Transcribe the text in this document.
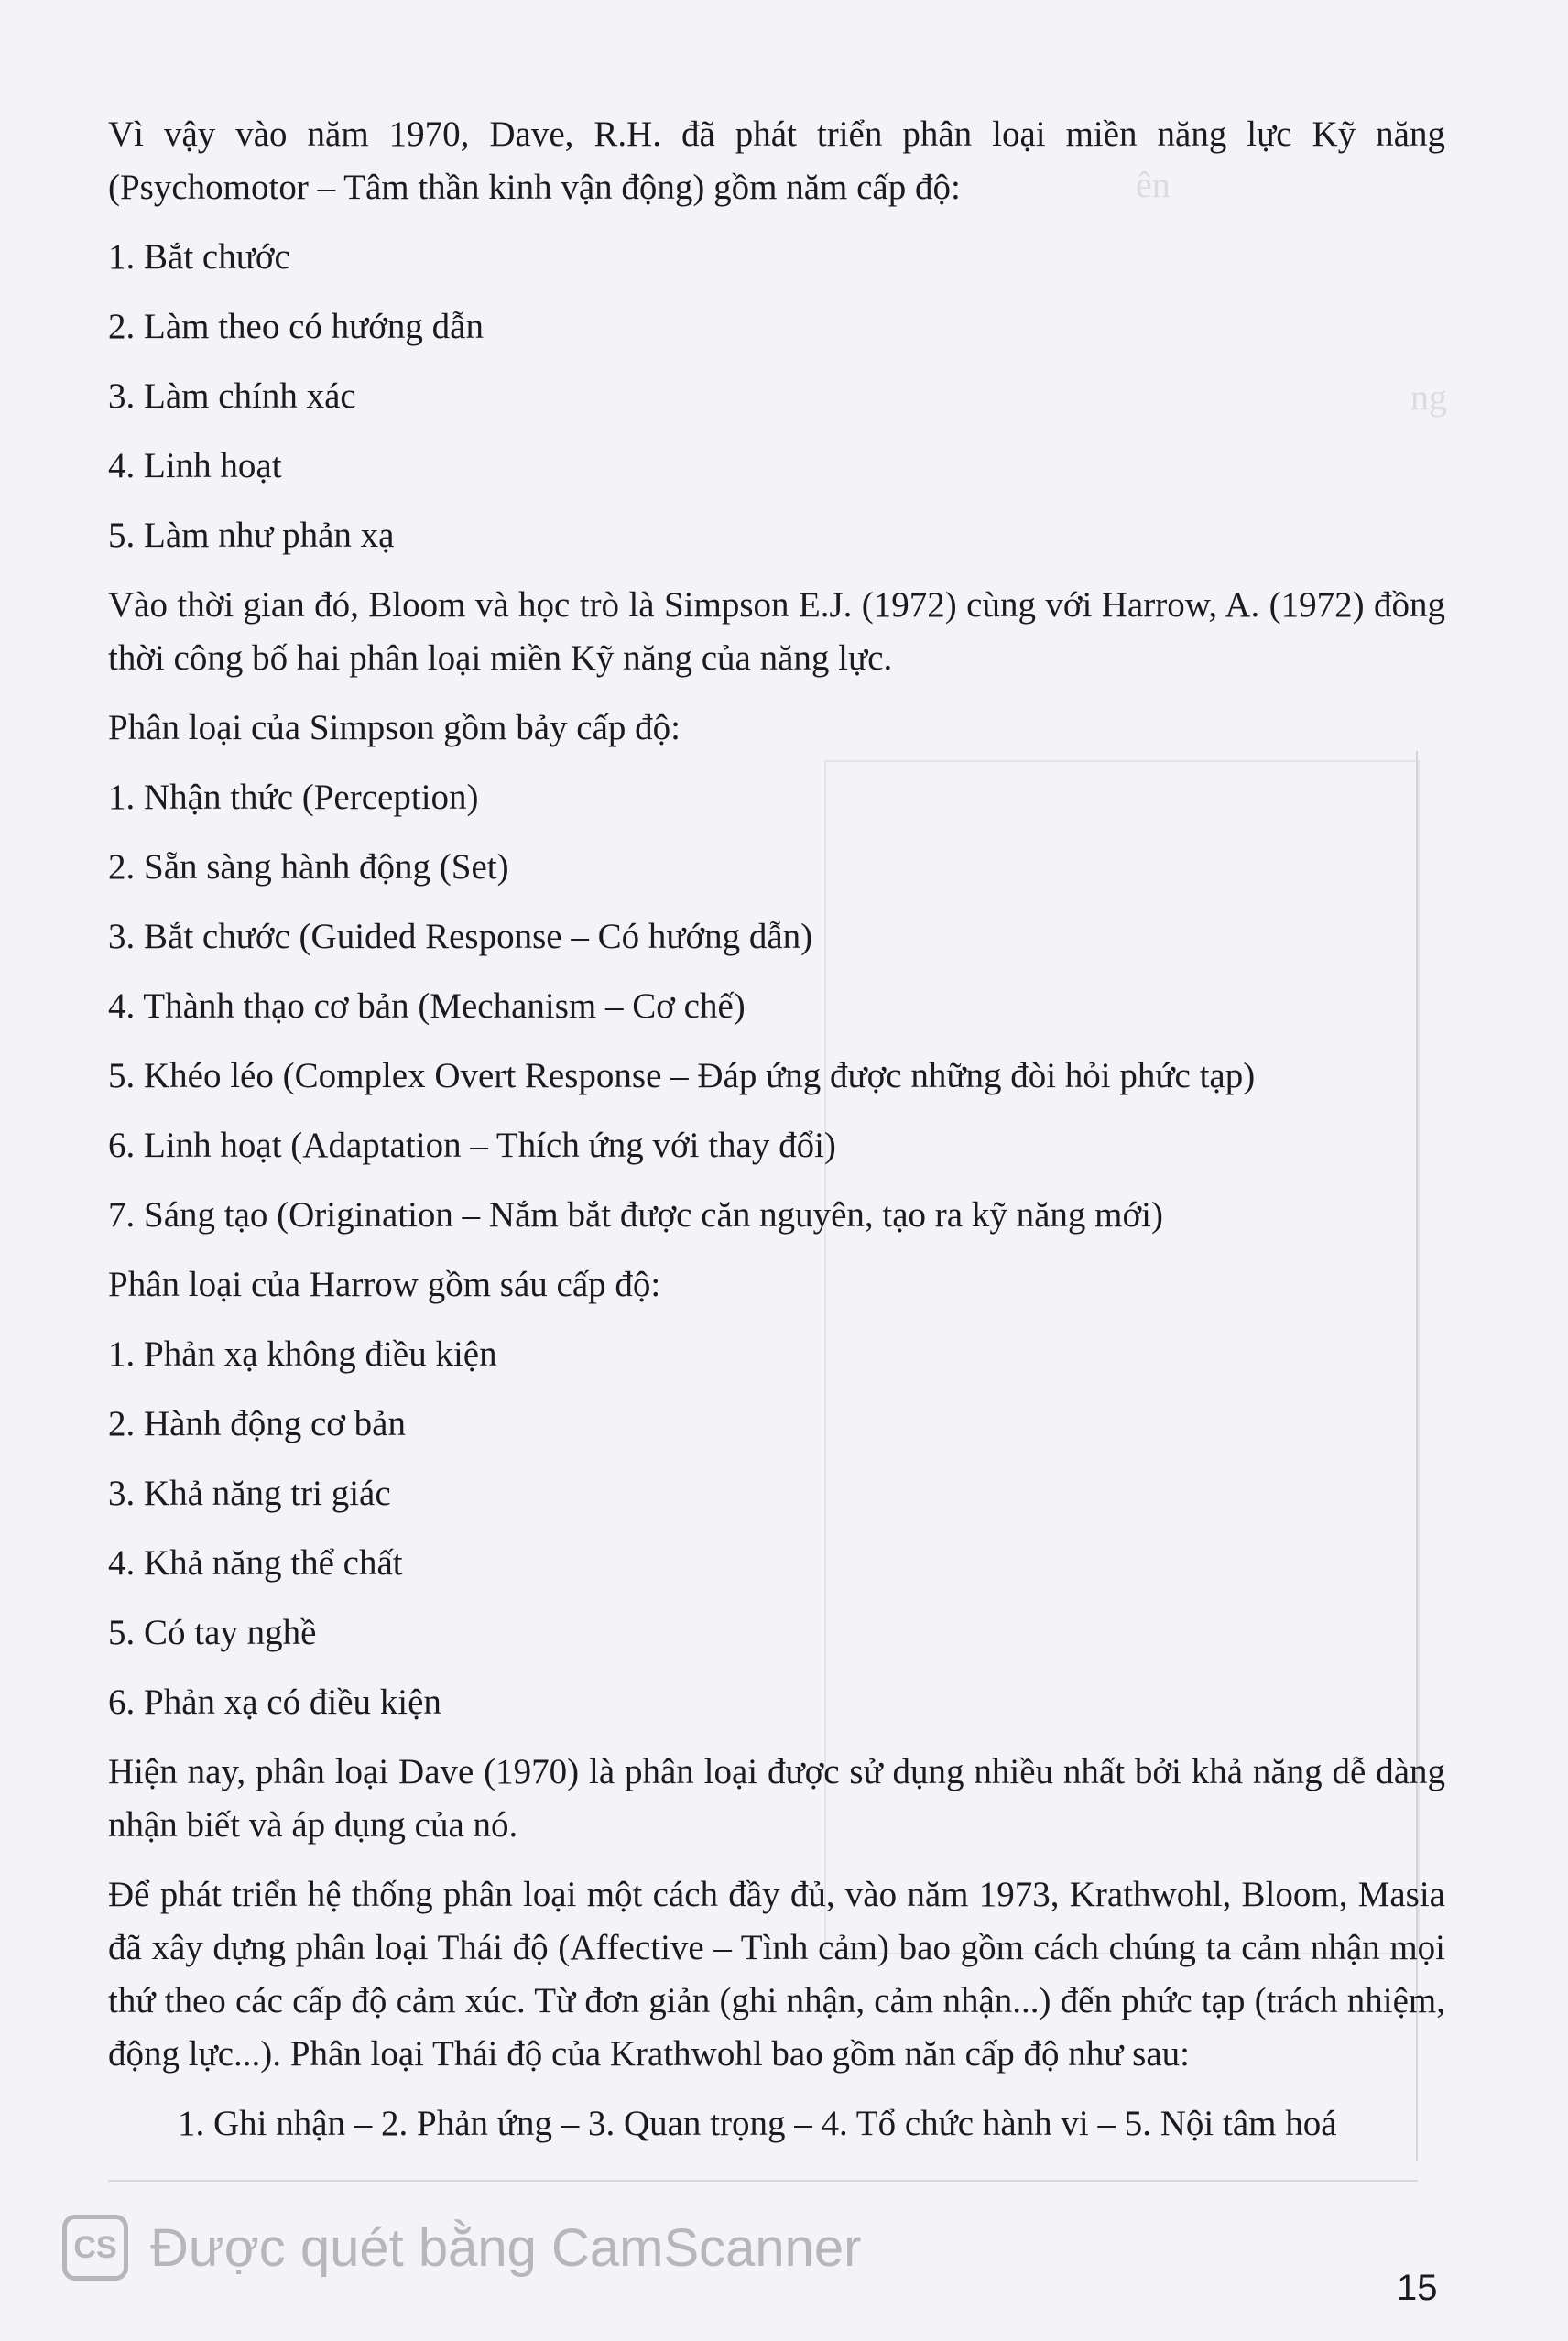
ên
ng

Vì vậy vào năm 1970, Dave, R.H. đã phát triển phân loại miền năng lực Kỹ năng (Psychomotor – Tâm thần kinh vận động) gồm năm cấp độ:

1. Bắt chước

2. Làm theo có hướng dẫn

3. Làm chính xác

4. Linh hoạt

5. Làm như phản xạ

Vào thời gian đó, Bloom và học trò là Simpson E.J. (1972) cùng với Harrow, A. (1972) đồng thời công bố hai phân loại miền Kỹ năng của năng lực.

Phân loại của Simpson gồm bảy cấp độ:

1. Nhận thức (Perception)

2. Sẵn sàng hành động (Set)

3. Bắt chước (Guided Response – Có hướng dẫn)

4. Thành thạo cơ bản (Mechanism – Cơ chế)

5. Khéo léo (Complex Overt Response – Đáp ứng được những đòi hỏi phức tạp)

6. Linh hoạt (Adaptation – Thích ứng với thay đổi)

7. Sáng tạo (Origination – Nắm bắt được căn nguyên, tạo ra kỹ năng mới)

Phân loại của Harrow gồm sáu cấp độ:

1. Phản xạ không điều kiện

2. Hành động cơ bản

3. Khả năng tri giác

4. Khả năng thể chất

5. Có tay nghề

6. Phản xạ có điều kiện

Hiện nay, phân loại Dave (1970) là phân loại được sử dụng nhiều nhất bởi khả năng dễ dàng nhận biết và áp dụng của nó.

Để phát triển hệ thống phân loại một cách đầy đủ, vào năm 1973, Krathwohl, Bloom, Masia đã xây dựng phân loại Thái độ (Affective – Tình cảm) bao gồm cách chúng ta cảm nhận mọi thứ theo các cấp độ cảm xúc. Từ đơn giản (ghi nhận, cảm nhận...) đến phức tạp (trách nhiệm, động lực...). Phân loại Thái độ của Krathwohl bao gồm năn cấp độ như sau:

1. Ghi nhận – 2. Phản ứng – 3. Quan trọng – 4. Tổ chức hành vi – 5. Nội tâm hoá

CS Được quét bằng CamScanner
15
